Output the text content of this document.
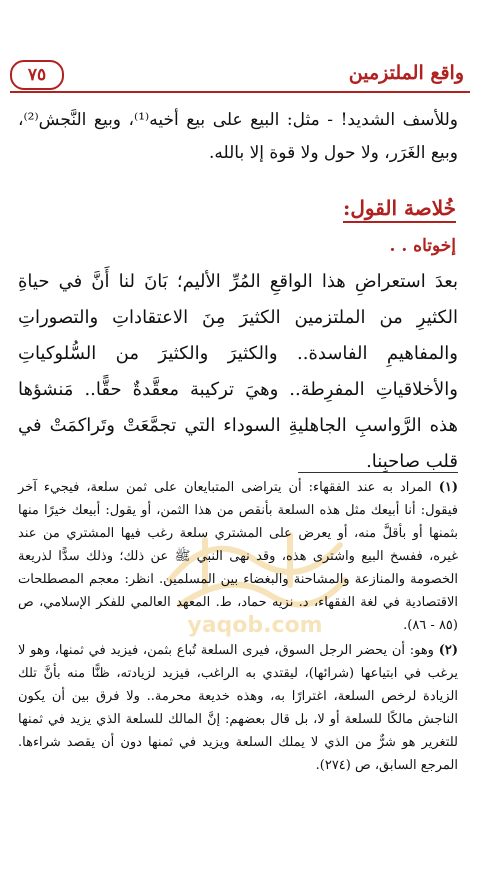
٧٥	واقع الملتزمين
yaqob.com
وللأسف الشديد! - مثل: البيع على بيع أخيه⁽¹⁾، وبيع النَّجش⁽²⁾، وبيع الغَرَر، ولا حول ولا قوة إلا بالله.
خُلاصة القول:
إخوتاه . .
بعدَ استعراضِ هذا الواقعِ المُرِّ الأليم؛ بَانَ لنا أَنَّ في حياةِ الكثيرِ من الملتزمين الكثيرَ مِنَ الاعتقاداتِ والتصوراتِ والمفاهيمِ الفاسدة.. والكثيرَ والكثيرَ من السُّلوكياتِ والأخلاقياتِ المفرِطة.. وهيَ تركيبة معقَّدةٌ حقًّا.. مَنشؤها هذه الرَّواسبِ الجاهليةِ السوداء التي تجمَّعَتْ وتَراكمَتْ في قلب صاحبِنا.

(١) المراد به عند الفقهاء: أن يتراضى المتبايعان على ثمن سلعة، فيجيء آخر فيقول: أنا أبيعك مثل هذه السلعة بأنقص من هذا الثمن، أو يقول: أبيعك خيرًا منها بثمنها أو بأقلَّ منه، أو يعرض على المشتري سلعة رغب فيها المشتري من عند غيره، ففسخ البيع واشترى هذه، وقد نهى النبي ﷺ عن ذلك؛ وذلك سدًّا لذريعة الخصومة والمنازعة والمشاحنة والبغضاء بين المسلمين. انظر: معجم المصطلحات الاقتصادية في لغة الفقهاء، د. نزيه حماد، ط. المعهد العالمي للفكر الإسلامي، ص (٨٥ - ٨٦).

(٢) وهو: أن يحضر الرجل السوق، فيرى السلعة تُباع بثمن، فيزيد في ثمنها، وهو لا يرغب في ابتياعها (شرائها)، ليقتدي به الراغب، فيزيد لزيادته، ظنًّا منه بأنَّ تلك الزيادة لرخص السلعة، اغترارًا به، وهذه خديعة محرمة.. ولا فرق بين أن يكون الناجش مالكًا للسلعة أو لا، بل قال بعضهم: إنَّ المالك للسلعة الذي يزيد في ثمنها للتغرير هو شرٌّ من الذي لا يملك السلعة ويزيد في ثمنها دون أن يقصد شراءها. المرجع السابق، ص (٢٧٤).
